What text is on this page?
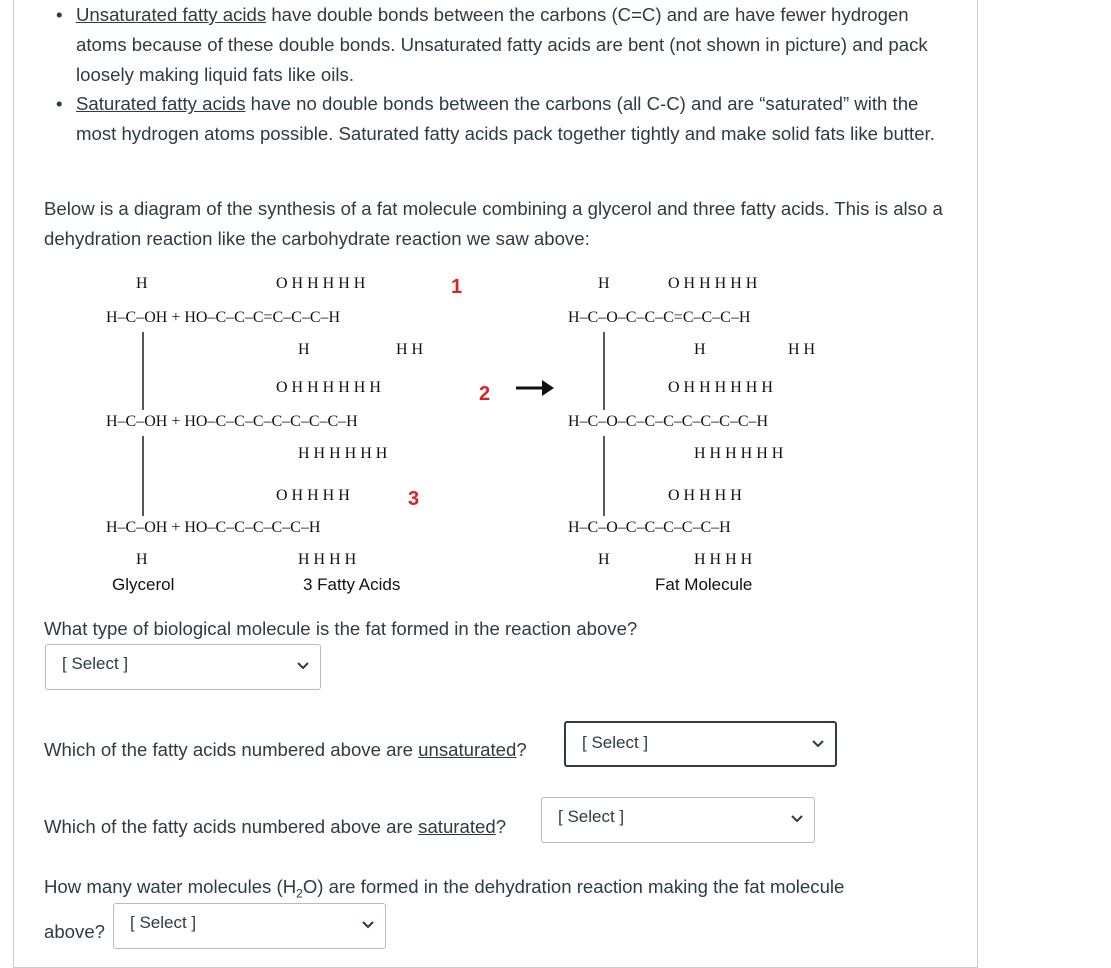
• Unsaturated fatty acids have double bonds between the carbons (C=C) and are have fewer hydrogen atoms because of these double bonds. Unsaturated fatty acids are bent (not shown in picture) and pack loosely making liquid fats like oils.
• Saturated fatty acids have no double bonds between the carbons (all C-C) and are “saturated” with the most hydrogen atoms possible. Saturated fatty acids pack together tightly and make solid fats like butter.
Below is a diagram of the synthesis of a fat molecule combining a glycerol and three fatty acids. This is also a dehydration reaction like the carbohydrate reaction we saw above:
H	O H H H H H
H–C–OH + HO–C–C–C=C–C–C–H
H	H H
1
O H H H H H H
H–C–OH + HO–C–C–C–C–C–C–C–H
H H H H H H
2
O H H H H
H–C–OH + HO–C–C–C–C–C–H
H	H H H H
3
H	O H H H H H
H–C–O–C–C–C=C–C–C–H
H	H H
O H H H H H H
H–C–O–C–C–C–C–C–C–C–H
H H H H H H
O H H H H
H–C–O–C–C–C–C–C–H
H	H H H H
Glycerol	3 Fatty Acids	Fat Molecule
What type of biological molecule is the fat formed in the reaction above?
[ Select ]
Which of the fatty acids numbered above are unsaturated?	[ Select ]
Which of the fatty acids numbered above are saturated?	[ Select ]
How many water molecules $(H_2O)$ are formed in the dehydration reaction making the fat molecule
above?	[ Select ]
